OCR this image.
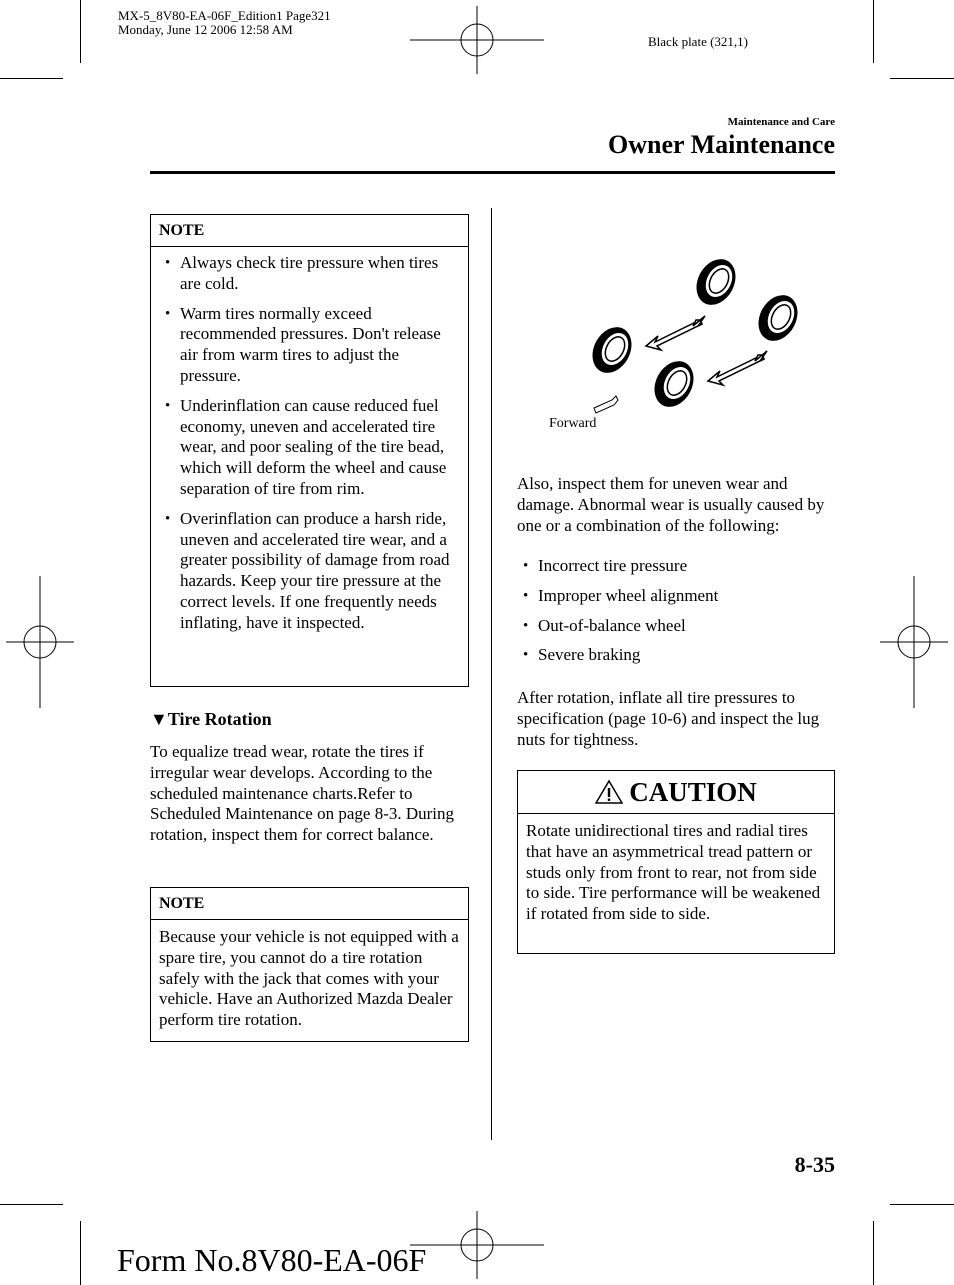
MX-5_8V80-EA-06F_Edition1 Page321
Monday, June 12 2006 12:58 AM
Black plate (321,1)
Maintenance and Care
Owner Maintenance
NOTE
• Always check tire pressure when tires are cold.
• Warm tires normally exceed recommended pressures. Don't release air from warm tires to adjust the pressure.
• Underinflation can cause reduced fuel economy, uneven and accelerated tire wear, and poor sealing of the tire bead, which will deform the wheel and cause separation of tire from rim.
• Overinflation can produce a harsh ride, uneven and accelerated tire wear, and a greater possibility of damage from road hazards. Keep your tire pressure at the correct levels. If one frequently needs inflating, have it inspected.
▼Tire Rotation
To equalize tread wear, rotate the tires if irregular wear develops. According to the scheduled maintenance charts.Refer to Scheduled Maintenance on page 8-3. During rotation, inspect them for correct balance.
NOTE
Because your vehicle is not equipped with a spare tire, you cannot do a tire rotation safely with the jack that comes with your vehicle. Have an Authorized Mazda Dealer perform tire rotation.
Forward
Also, inspect them for uneven wear and damage. Abnormal wear is usually caused by one or a combination of the following:
• Incorrect tire pressure
• Improper wheel alignment
• Out-of-balance wheel
• Severe braking
After rotation, inflate all tire pressures to specification (page 10-6) and inspect the lug nuts for tightness.
CAUTION
Rotate unidirectional tires and radial tires that have an asymmetrical tread pattern or studs only from front to rear, not from side to side. Tire performance will be weakened if rotated from side to side.
8-35
Form No.8V80-EA-06F
